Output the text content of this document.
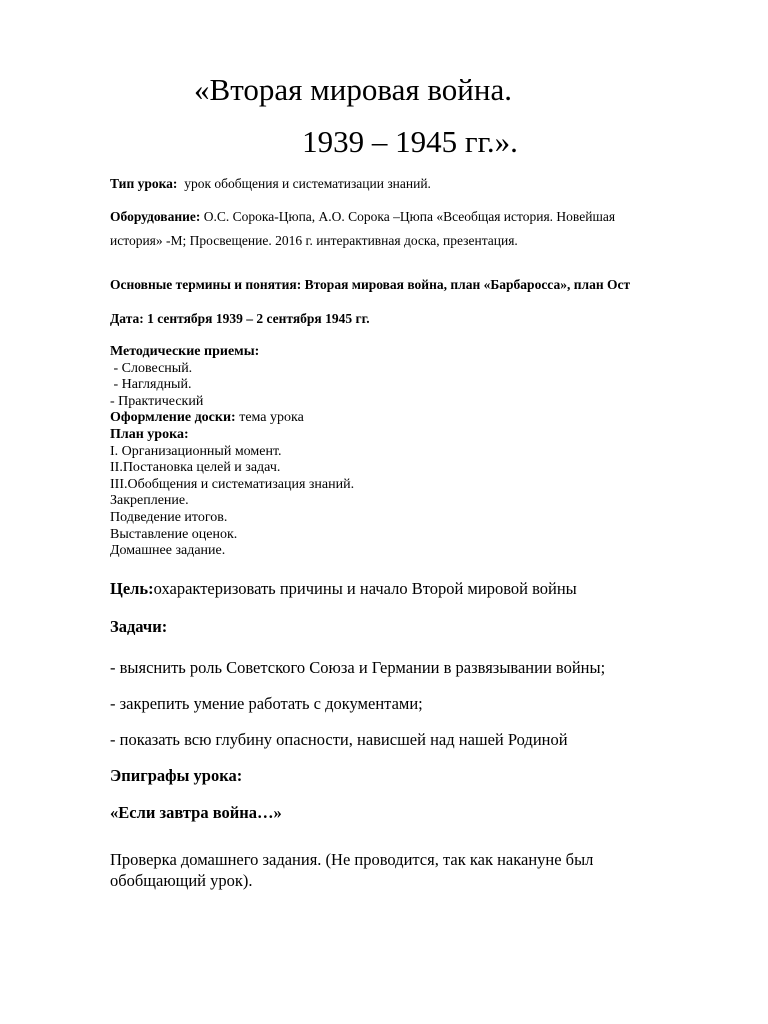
«Вторая мировая война.
1939 – 1945 гг.».
Тип урока:  урок обобщения и систематизации знаний.
Оборудование: О.С. Сорока-Цюпа, А.О. Сорока –Цюпа «Всеобщая история. Новейшая
история» -М; Просвещение. 2016 г. интерактивная доска, презентация.
Основные термины и понятия: Вторая мировая война, план «Барбаросса», план Ост
Дата: 1 сентября 1939 – 2 сентября 1945 гг.
Методические приемы:
- Словесный.
- Наглядный.
- Практический
Оформление доски: тема урока
План урока:
I. Организационный момент.
II.Постановка целей и задач.
III.Обобщения и систематизация знаний.
Закрепление.
Подведение итогов.
Выставление оценок.
Домашнее задание.
Цель:охарактеризовать причины и начало Второй мировой войны
Задачи:
- выяснить роль Советского Союза и Германии в развязывании войны;
- закрепить умение работать с документами;
- показать всю глубину опасности, нависшей над нашей Родиной
Эпиграфы урока:
«Если завтра война…»
Проверка домашнего задания. (Не проводится, так как накануне был обобщающий урок).
